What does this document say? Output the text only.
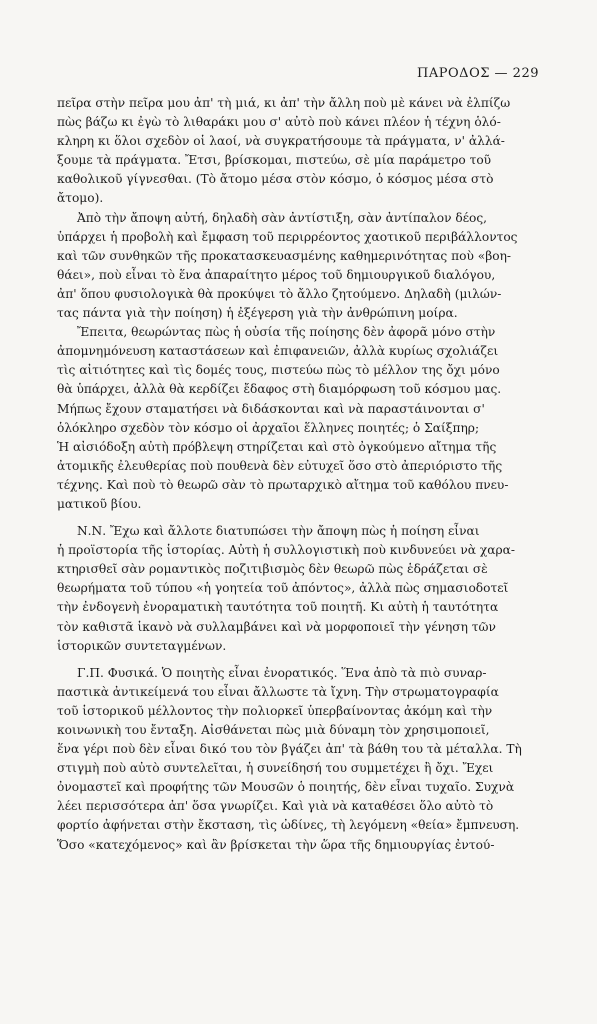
ΠΑΡΟΔΟΣ — 229
πεῖρα στὴν πεῖρα μου ἀπ' τὴ μιά, κι ἀπ' τὴν ἄλλη ποὺ μὲ κάνει νὰ ἐλπίζω
πὼς βάζω κι ἐγὼ τὸ λιθαράκι μου σ' αὐτὸ ποὺ κάνει πλέον ἡ τέχνη ὁλό-
κληρη κι ὅλοι σχεδὸν οἱ λαοί, νὰ συγκρατήσουμε τὰ πράγματα, ν' ἀλλά-
ξουμε τὰ πράγματα. Ἔτσι, βρίσκομαι, πιστεύω, σὲ μία παράμετρο τοῦ
καθολικοῦ γίγνεσθαι. (Τὸ ἄτομο μέσα στὸν κόσμο, ὁ κόσμος μέσα στὸ
ἄτομο).
Ἀπὸ τὴν ἄποψη αὐτή, δηλαδὴ σὰν ἀντίστιξη, σὰν ἀντίπαλον δέος,
ὑπάρχει ἡ προβολὴ καὶ ἔμφαση τοῦ περιρρέοντος χαοτικοῦ περιβάλλοντος
καὶ τῶν συνθηκῶν τῆς προκατασκευασμένης καθημερινότητας ποὺ «βοη-
θάει», ποὺ εἶναι τὸ ἕνα ἀπαραίτητο μέρος τοῦ δημιουργικοῦ διαλόγου,
ἀπ' ὅπου φυσιολογικὰ θὰ προκύψει τὸ ἄλλο ζητούμενο. Δηλαδὴ (μιλών-
τας πάντα γιὰ τὴν ποίηση) ἡ ἐξέγερση γιὰ τὴν ἀνθρώπινη μοίρα.
Ἔπειτα, θεωρώντας πὼς ἡ οὐσία τῆς ποίησης δὲν ἀφορᾶ μόνο στὴν
ἀπομνημόνευση καταστάσεων καὶ ἐπιφανειῶν, ἀλλὰ κυρίως σχολιάζει
τὶς αἰτιότητες καὶ τὶς δομές τους, πιστεύω πὼς τὸ μέλλον της ὄχι μόνο
θὰ ὑπάρχει, ἀλλὰ θὰ κερδίζει ἔδαφος στὴ διαμόρφωση τοῦ κόσμου μας.
Μήπως ἔχουν σταματήσει νὰ διδάσκονται καὶ νὰ παραστάινονται σ'
ὁλόκληρο σχεδὸν τὸν κόσμο οἱ ἀρχαῖοι ἕλληνες ποιητές; ὁ Σαίξπηρ;
Ἡ αἰσιόδοξη αὐτὴ πρόβλεψη στηρίζεται καὶ στὸ ὀγκούμενο αἴτημα τῆς
ἀτομικῆς ἐλευθερίας ποὺ πουθενὰ δὲν εὐτυχεῖ ὅσο στὸ ἀπεριόριστο τῆς
τέχνης. Καὶ ποὺ τὸ θεωρῶ σὰν τὸ πρωταρχικὸ αἴτημα τοῦ καθόλου πνευ-
ματικοῦ βίου.
Ν.Ν. Ἔχω καὶ ἄλλοτε διατυπώσει τὴν ἄποψη πὼς ἡ ποίηση εἶναι
ἡ προϊστορία τῆς ἱστορίας. Αὐτὴ ἡ συλλογιστικὴ ποὺ κινδυνεύει νὰ χαρα-
κτηρισθεῖ σὰν ρομαντικὸς ποζιτιβισμὸς δὲν θεωρῶ πὼς ἑδράζεται σὲ
θεωρήματα τοῦ τύπου «ἡ γοητεία τοῦ ἀπόντος», ἀλλὰ πὼς σημασιοδοτεῖ
τὴν ἐνδογενὴ ἐνοραματικὴ ταυτότητα τοῦ ποιητῆ. Κι αὐτὴ ἡ ταυτότητα
τὸν καθιστᾶ ἱκανὸ νὰ συλλαμβάνει καὶ νὰ μορφοποιεῖ τὴν γένηση τῶν
ἱστορικῶν συντεταγμένων.
Γ.Π. Φυσικά. Ὁ ποιητὴς εἶναι ἐνορατικός. Ἕνα ἀπὸ τὰ πιὸ συναρ-
παστικὰ ἀντικείμενά του εἶναι ἄλλωστε τὰ ἴχνη. Τὴν στρωματογραφία
τοῦ ἱστορικοῦ μέλλοντος τὴν πολιορκεῖ ὑπερβαίνοντας ἀκόμη καὶ τὴν
κοινωνικὴ του ἔνταξη. Αἰσθάνεται πὼς μιὰ δύναμη τὸν χρησιμοποιεῖ,
ἕνα γέρι ποὺ δὲν εἶναι δικό του τὸν βγάζει ἀπ' τὰ βάθη του τὰ μέταλλα. Τὴ
στιγμὴ ποὺ αὐτὸ συντελεῖται, ἡ συνείδησή του συμμετέχει ἢ ὄχι. Ἔχει
ὀνομαστεῖ καὶ προφήτης τῶν Μουσῶν ὁ ποιητής, δὲν εἶναι τυχαῖο. Συχνὰ
λέει περισσότερα ἀπ' ὅσα γνωρίζει. Καὶ γιὰ νὰ καταθέσει ὅλο αὐτὸ τὸ
φορτίο ἀφήνεται στὴν ἔκσταση, τὶς ὠδίνες, τὴ λεγόμενη «θεία» ἔμπνευση.
Ὅσο «κατεχόμενος» καὶ ἂν βρίσκεται τὴν ὥρα τῆς δημιουργίας ἐντού-
